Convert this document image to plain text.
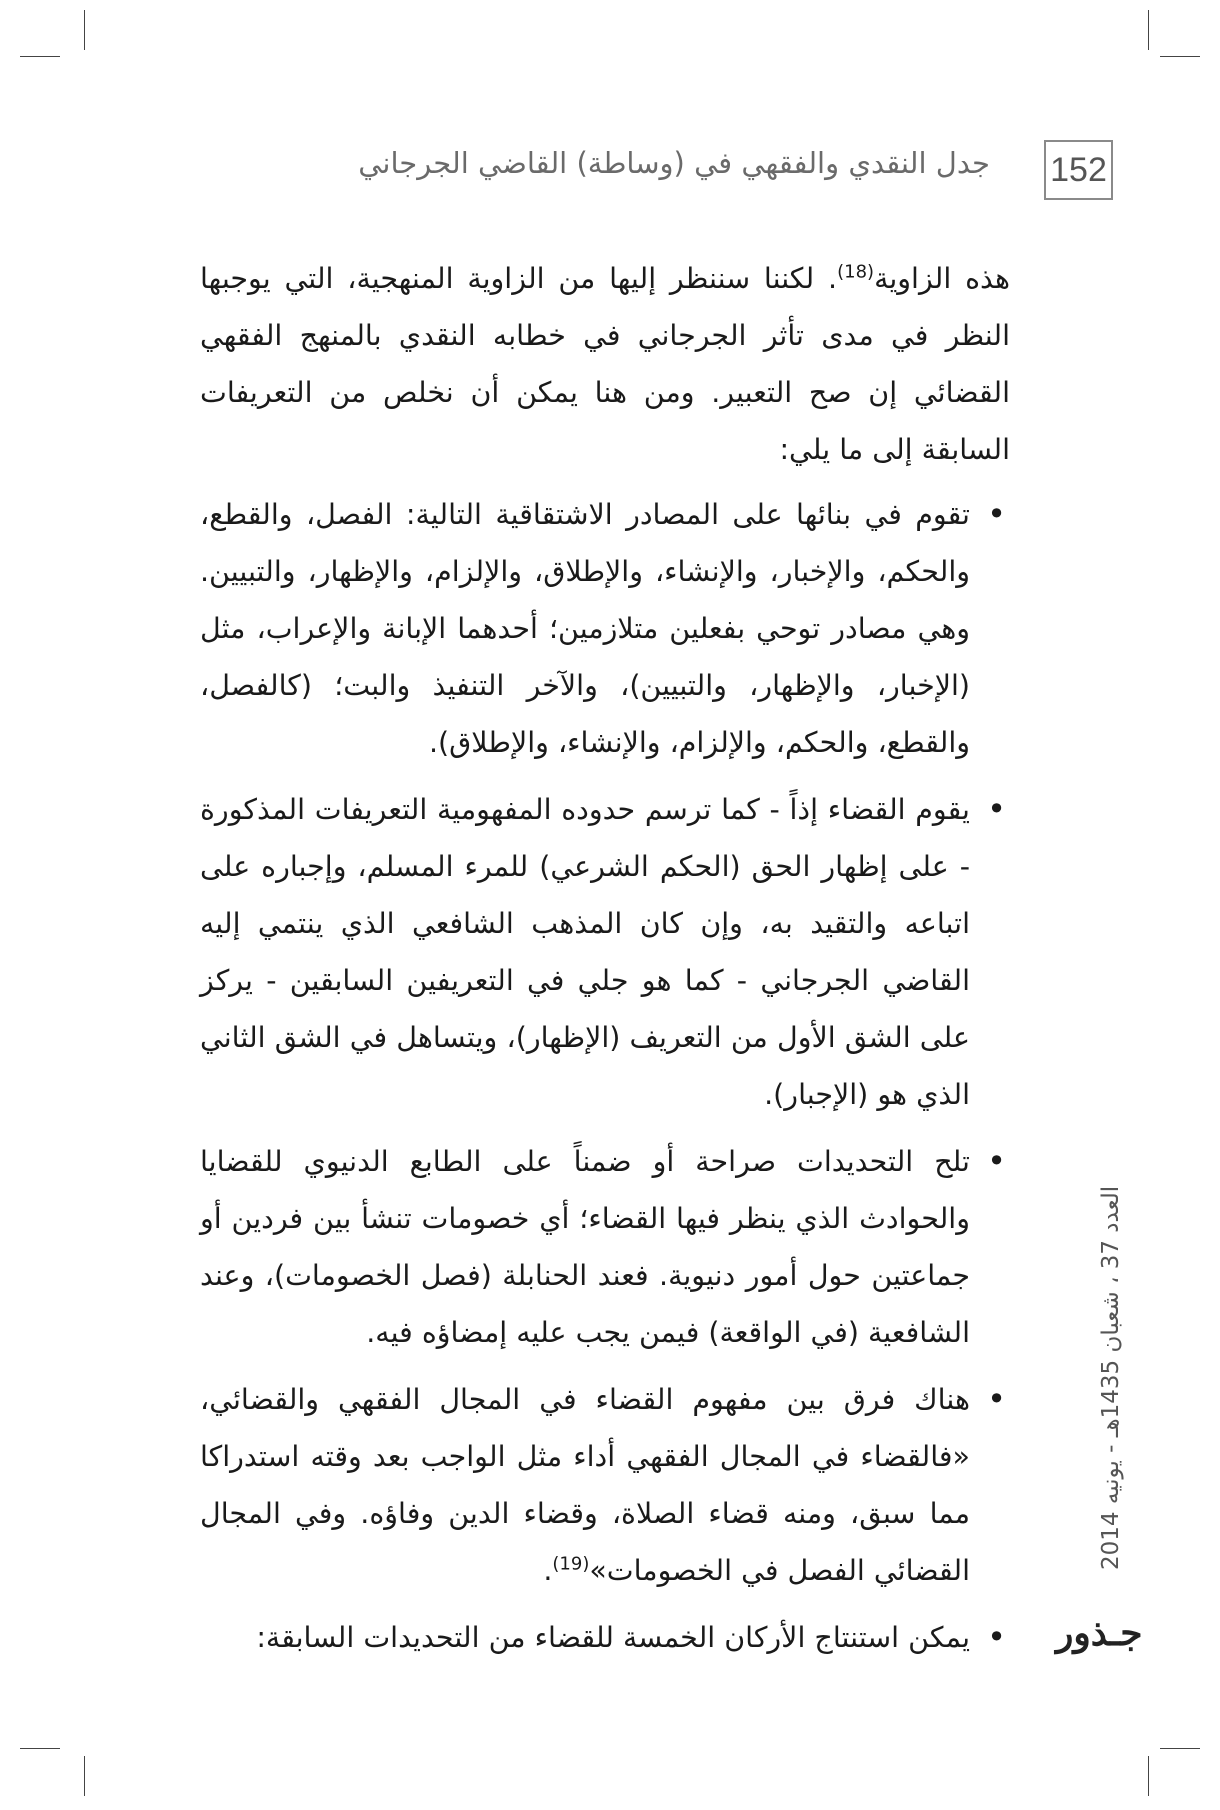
152
جدل النقدي والفقهي في (وساطة) القاضي الجرجاني

هذه الزاوية$^{(18)}$. لكننا سننظر إليها من الزاوية المنهجية، التي يوجبها النظر في مدى تأثر الجرجاني في خطابه النقدي بالمنهج الفقهي القضائي إن صح التعبير. ومن هنا يمكن أن نخلص من التعريفات السابقة إلى ما يلي:

• تقوم في بنائها على المصادر الاشتقاقية التالية: الفصل، والقطع، والحكم، والإخبار، والإنشاء، والإطلاق، والإلزام، والإظهار، والتبيين. وهي مصادر توحي بفعلين متلازمين؛ أحدهما الإبانة والإعراب، مثل (الإخبار، والإظهار، والتبيين)، والآخر التنفيذ والبت؛ (كالفصل، والقطع، والحكم، والإلزام، والإنشاء، والإطلاق).
• يقوم القضاء إذاً - كما ترسم حدوده المفهومية التعريفات المذكورة - على إظهار الحق (الحكم الشرعي) للمرء المسلم، وإجباره على اتباعه والتقيد به، وإن كان المذهب الشافعي الذي ينتمي إليه القاضي الجرجاني - كما هو جلي في التعريفين السابقين - يركز على الشق الأول من التعريف (الإظهار)، ويتساهل في الشق الثاني الذي هو (الإجبار).
• تلح التحديدات صراحة أو ضمناً على الطابع الدنيوي للقضايا والحوادث الذي ينظر فيها القضاء؛ أي خصومات تنشأ بين فردين أو جماعتين حول أمور دنيوية. فعند الحنابلة (فصل الخصومات)، وعند الشافعية (في الواقعة) فيمن يجب عليه إمضاؤه فيه.
• هناك فرق بين مفهوم القضاء في المجال الفقهي والقضائي، «فالقضاء في المجال الفقهي أداء مثل الواجب بعد وقته استدراكا مما سبق، ومنه قضاء الصلاة، وقضاء الدين وفاؤه. وفي المجال القضائي الفصل في الخصومات»$^{(19)}$.
• يمكن استنتاج الأركان الخمسة للقضاء من التحديدات السابقة:
العدد 37 ، شعبان 1435هـ - يونيه 2014
جـذور
